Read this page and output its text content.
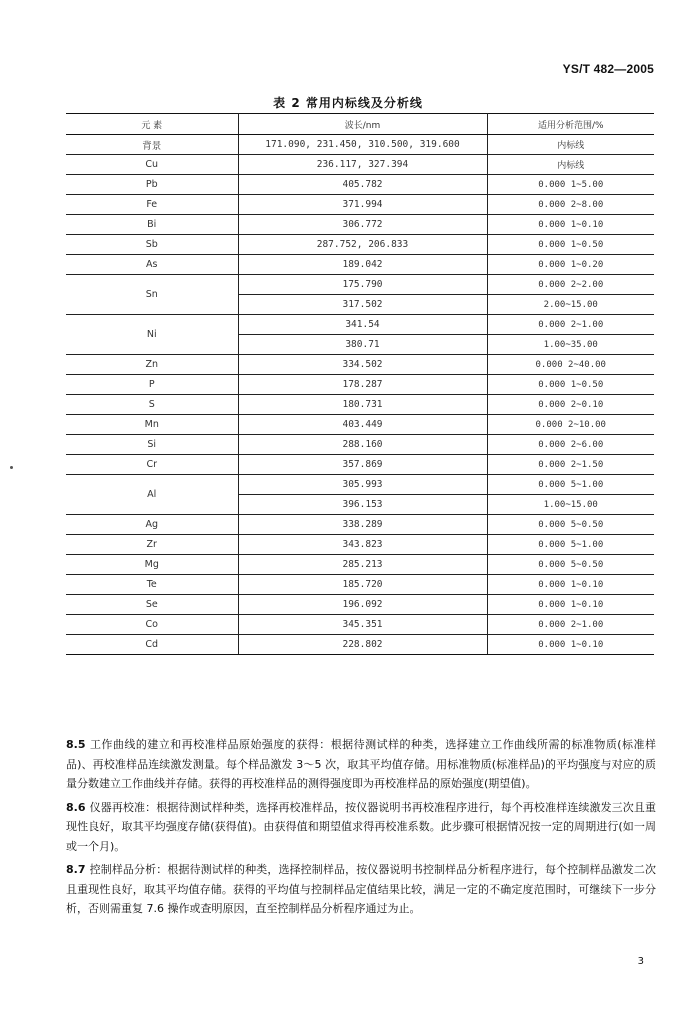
YS/T 482—2005
表 2 常用内标线及分析线
元 素	波长/nm	适用分析范围/%
背景	171.090, 231.450, 310.500, 319.600	内标线
Cu	236.117, 327.394	内标线
Pb	405.782	0.000 1~5.00
Fe	371.994	0.000 2~8.00
Bi	306.772	0.000 1~0.10
Sb	287.752, 206.833	0.000 1~0.50
As	189.042	0.000 1~0.20
Sn	175.790	0.000 2~2.00
	317.502	2.00~15.00
Ni	341.54	0.000 2~1.00
	380.71	1.00~35.00
Zn	334.502	0.000 2~40.00
P	178.287	0.000 1~0.50
S	180.731	0.000 2~0.10
Mn	403.449	0.000 2~10.00
Si	288.160	0.000 2~6.00
Cr	357.869	0.000 2~1.50
Al	305.993	0.000 5~1.00
	396.153	1.00~15.00
Ag	338.289	0.000 5~0.50
Zr	343.823	0.000 5~1.00
Mg	285.213	0.000 5~0.50
Te	185.720	0.000 1~0.10
Se	196.092	0.000 1~0.10
Co	345.351	0.000 2~1.00
Cd	228.802	0.000 1~0.10

8.5 工作曲线的建立和再校准样品原始强度的获得：根据待测试样的种类，选择建立工作曲线所需的标准物质(标准样品)、再校准样品连续激发测量。每个样品激发 3～5 次，取其平均值存储。用标准物质(标准样品)的平均强度与对应的质量分数建立工作曲线并存储。获得的再校准样品的测得强度即为再校准样品的原始强度(期望值)。

8.6 仪器再校准：根据待测试样种类，选择再校准样品，按仪器说明书再校准程序进行，每个再校准样连续激发三次且重现性良好，取其平均强度存储(获得值)。由获得值和期望值求得再校准系数。此步骤可根据情况按一定的周期进行(如一周或一个月)。

8.7 控制样品分析：根据待测试样的种类，选择控制样品，按仪器说明书控制样品分析程序进行，每个控制样品激发二次且重现性良好，取其平均值存储。获得的平均值与控制样品定值结果比较，满足一定的不确定度范围时，可继续下一步分析，否则需重复 7.6 操作或查明原因，直至控制样品分析程序通过为止。

3
